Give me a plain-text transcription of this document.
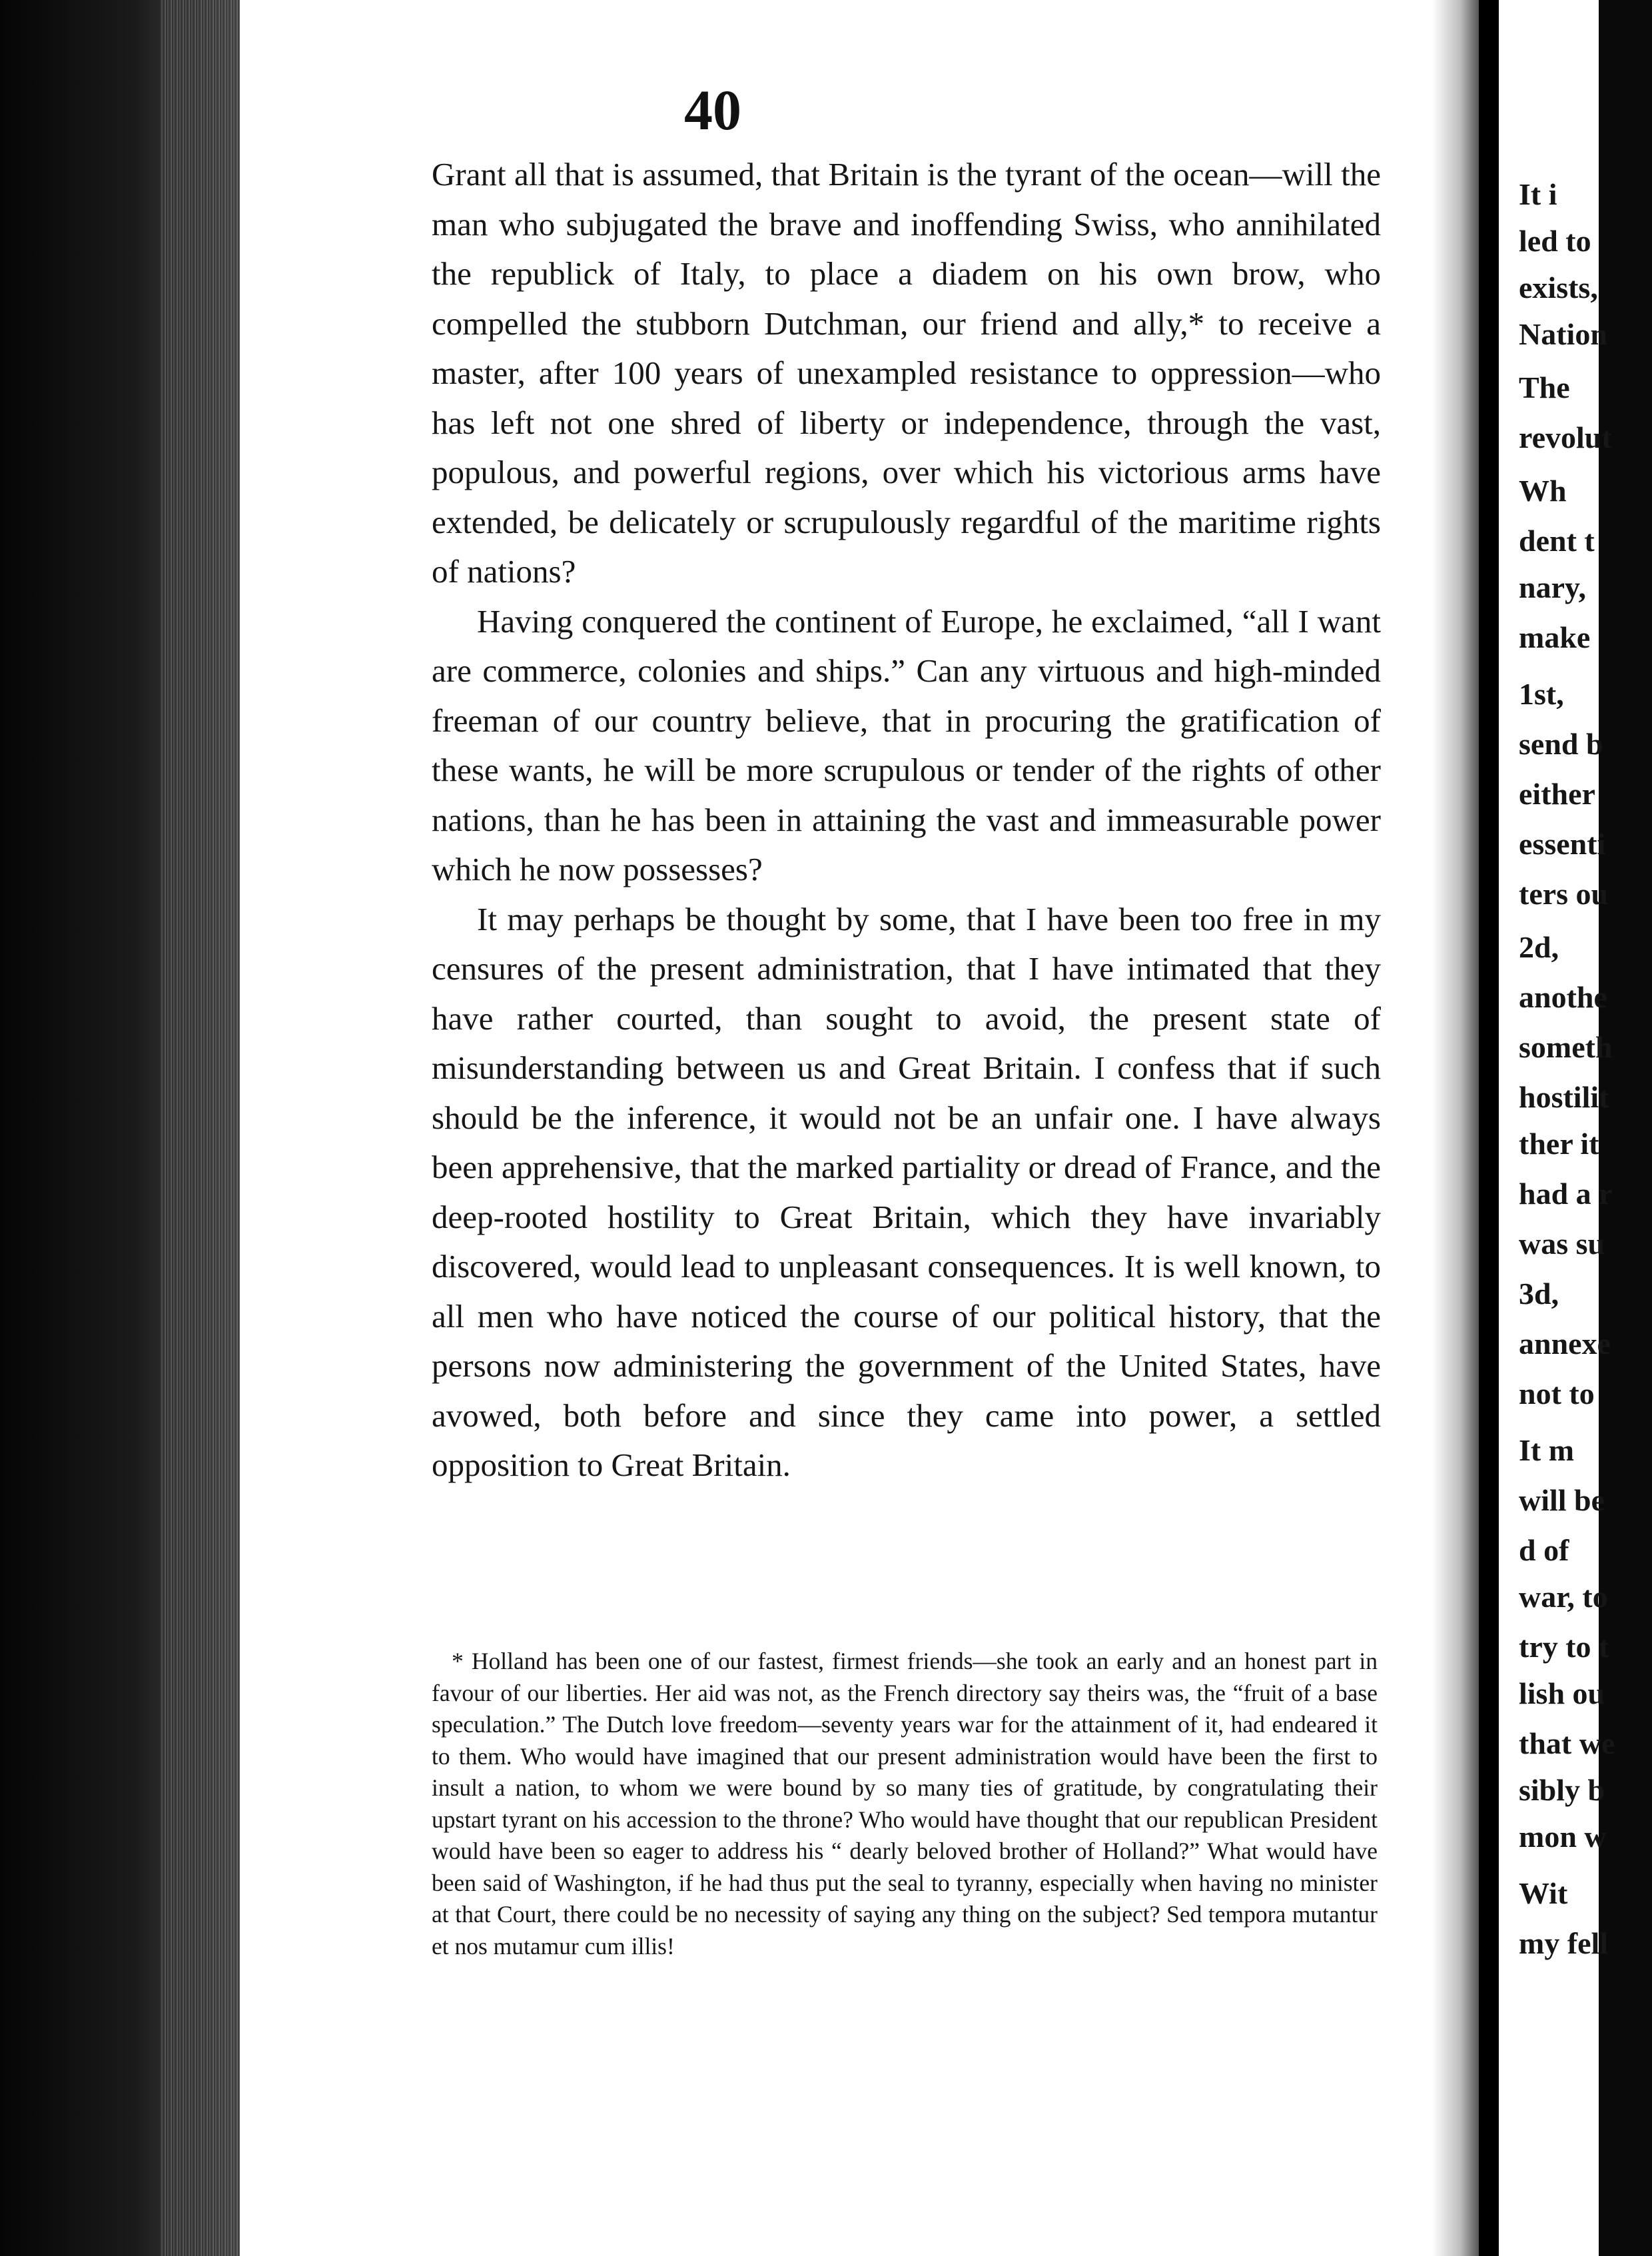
40

Grant all that is assumed, that Britain is the tyrant of the ocean—will the man who subjugated the brave and inoffending Swiss, who annihilated the republick of Italy, to place a diadem on his own brow, who compelled the stubborn Dutchman, our friend and ally,* to receive a master, after 100 years of unexampled resistance to oppression—who has left not one shred of liberty or independence, through the vast, populous, and powerful regions, over which his victorious arms have extended, be delicately or scrupulously regardful of the maritime rights of nations?

Having conquered the continent of Europe, he exclaimed, “all I want are commerce, colonies and ships.” Can any virtuous and high-minded freeman of our country believe, that in procuring the gratification of these wants, he will be more scrupulous or tender of the rights of other nations, than he has been in attaining the vast and immeasurable power which he now possesses?

It may perhaps be thought by some, that I have been too free in my censures of the present administration, that I have intimated that they have rather courted, than sought to avoid, the present state of misunderstanding between us and Great Britain. I confess that if such should be the inference, it would not be an unfair one. I have always been apprehensive, that the marked partiality or dread of France, and the deep-rooted hostility to Great Britain, which they have invariably discovered, would lead to unpleasant consequences. It is well known, to all men who have noticed the course of our political history, that the persons now administering the government of the United States, have avowed, both before and since they came into power, a settled opposition to Great Britain.

* Holland has been one of our fastest, firmest friends—she took an early and an honest part in favour of our liberties. Her aid was not, as the French directory say theirs was, the “fruit of a base speculation.” The Dutch love freedom—seventy years war for the attainment of it, had endeared it to them. Who would have imagined that our present administration would have been the first to insult a nation, to whom we were bound by so many ties of gratitude, by congratulating their upstart tyrant on his accession to the throne? Who would have thought that our republican President would have been so eager to address his “ dearly beloved brother of Holland?” What would have been said of Washington, if he had thus put the seal to tyranny, especially when having no minister at that Court, there could be no necessity of saying any thing on the subject? Sed tempora mutantur et nos mutamur cum illis!

It i
led to
exists,
Nation
The
revolut
Wh
dent t
nary,
make
1st,
send b
either
essenti
ters ou
2d,
anothe
someth
hostilit
ther it
had a r
was su
3d,
annexe
not to
It m
will be
d of
war, to
try to t
lish ou
that we
sibly b
mon w
Wit
my fell
